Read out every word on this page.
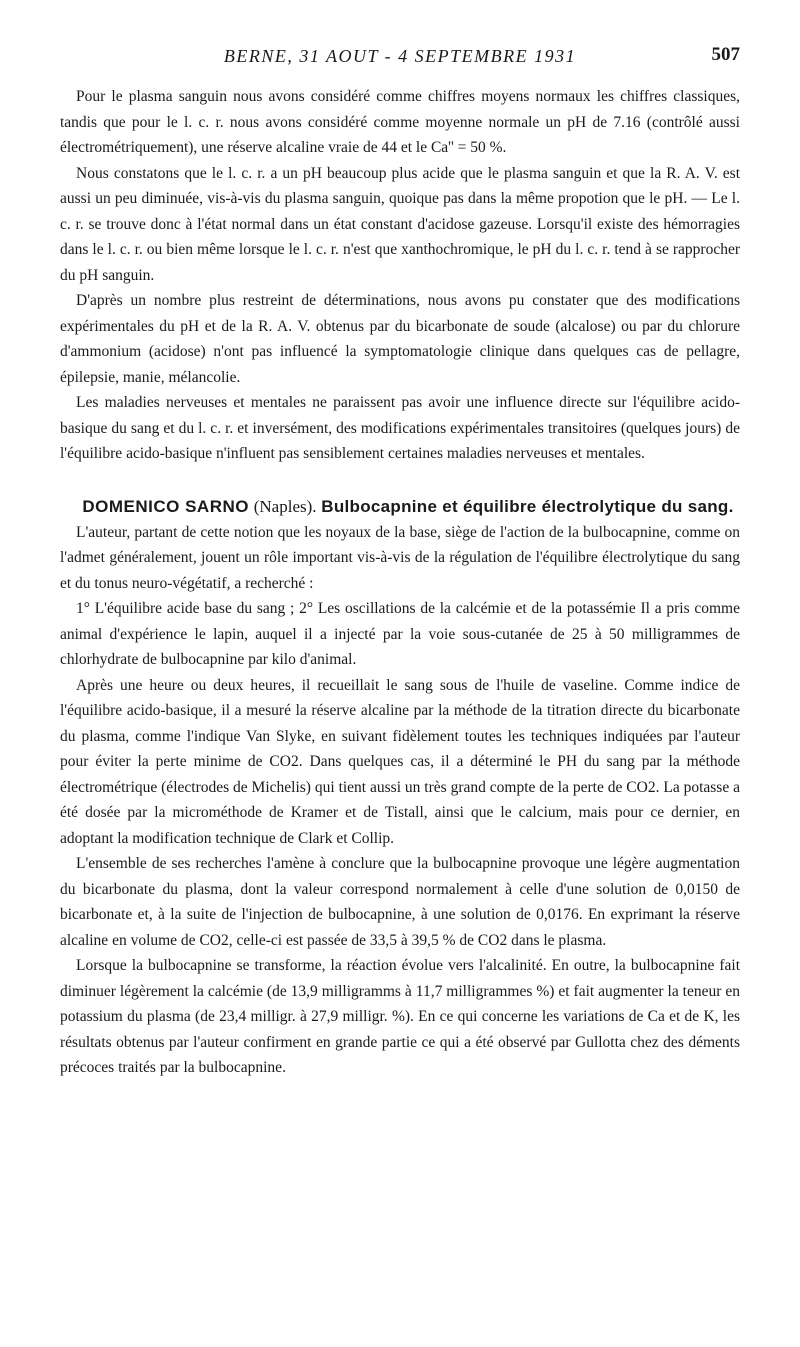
BERNE, 31 AOUT - 4 SEPTEMBRE 1931	507

Pour le plasma sanguin nous avons considéré comme chiffres moyens normaux les chiffres classiques, tandis que pour le l. c. r. nous avons considéré comme moyenne normale un pH de 7.16 (contrôlé aussi électrométriquement), une réserve alcaline vraie de 44 et le Ca'' = 50 %.

Nous constatons que le l. c. r. a un pH beaucoup plus acide que le plasma sanguin et que la R. A. V. est aussi un peu diminuée, vis-à-vis du plasma sanguin, quoique pas dans la même propotion que le pH. — Le l. c. r. se trouve donc à l'état normal dans un état constant d'acidose gazeuse. Lorsqu'il existe des hémorragies dans le l. c. r. ou bien même lorsque le l. c. r. n'est que xanthochromique, le pH du l. c. r. tend à se rapprocher du pH sanguin.

D'après un nombre plus restreint de déterminations, nous avons pu constater que des modifications expérimentales du pH et de la R. A. V. obtenus par du bicarbonate de soude (alcalose) ou par du chlorure d'ammonium (acidose) n'ont pas influencé la symptomatologie clinique dans quelques cas de pellagre, épilepsie, manie, mélancolie.

Les maladies nerveuses et mentales ne paraissent pas avoir une influence directe sur l'équilibre acido-basique du sang et du l. c. r. et inversément, des modifications expérimentales transitoires (quelques jours) de l'équilibre acido-basique n'influent pas sensiblement certaines maladies nerveuses et mentales.

DOMENICO SARNO (Naples). Bulbocapnine et équilibre électrolytique du sang.

L'auteur, partant de cette notion que les noyaux de la base, siège de l'action de la bulbocapnine, comme on l'admet généralement, jouent un rôle important vis-à-vis de la régulation de l'équilibre électrolytique du sang et du tonus neuro-végétatif, a recherché :

1° L'équilibre acide base du sang ; 2° Les oscillations de la calcémie et de la potassémie Il a pris comme animal d'expérience le lapin, auquel il a injecté par la voie sous-cutanée de 25 à 50 milligrammes de chlorhydrate de bulbocapnine par kilo d'animal.

Après une heure ou deux heures, il recueillait le sang sous de l'huile de vaseline. Comme indice de l'équilibre acido-basique, il a mesuré la réserve alcaline par la méthode de la titration directe du bicarbonate du plasma, comme l'indique Van Slyke, en suivant fidèlement toutes les techniques indiquées par l'auteur pour éviter la perte minime de CO2. Dans quelques cas, il a déterminé le PH du sang par la méthode électrométrique (électrodes de Michelis) qui tient aussi un très grand compte de la perte de CO2. La potasse a été dosée par la microméthode de Kramer et de Tistall, ainsi que le calcium, mais pour ce dernier, en adoptant la modification technique de Clark et Collip.

L'ensemble de ses recherches l'amène à conclure que la bulbocapnine provoque une légère augmentation du bicarbonate du plasma, dont la valeur correspond normalement à celle d'une solution de 0,0150 de bicarbonate et, à la suite de l'injection de bulbocapnine, à une solution de 0,0176. En exprimant la réserve alcaline en volume de CO2, celle-ci est passée de 33,5 à 39,5 % de CO2 dans le plasma.

Lorsque la bulbocapnine se transforme, la réaction évolue vers l'alcalinité. En outre, la bulbocapnine fait diminuer légèrement la calcémie (de 13,9 milligramms à 11,7 milligrammes %) et fait augmenter la teneur en potassium du plasma (de 23,4 milligr. à 27,9 milligr. %). En ce qui concerne les variations de Ca et de K, les résultats obtenus par l'auteur confirment en grande partie ce qui a été observé par Gullotta chez des déments précoces traités par la bulbocapnine.
